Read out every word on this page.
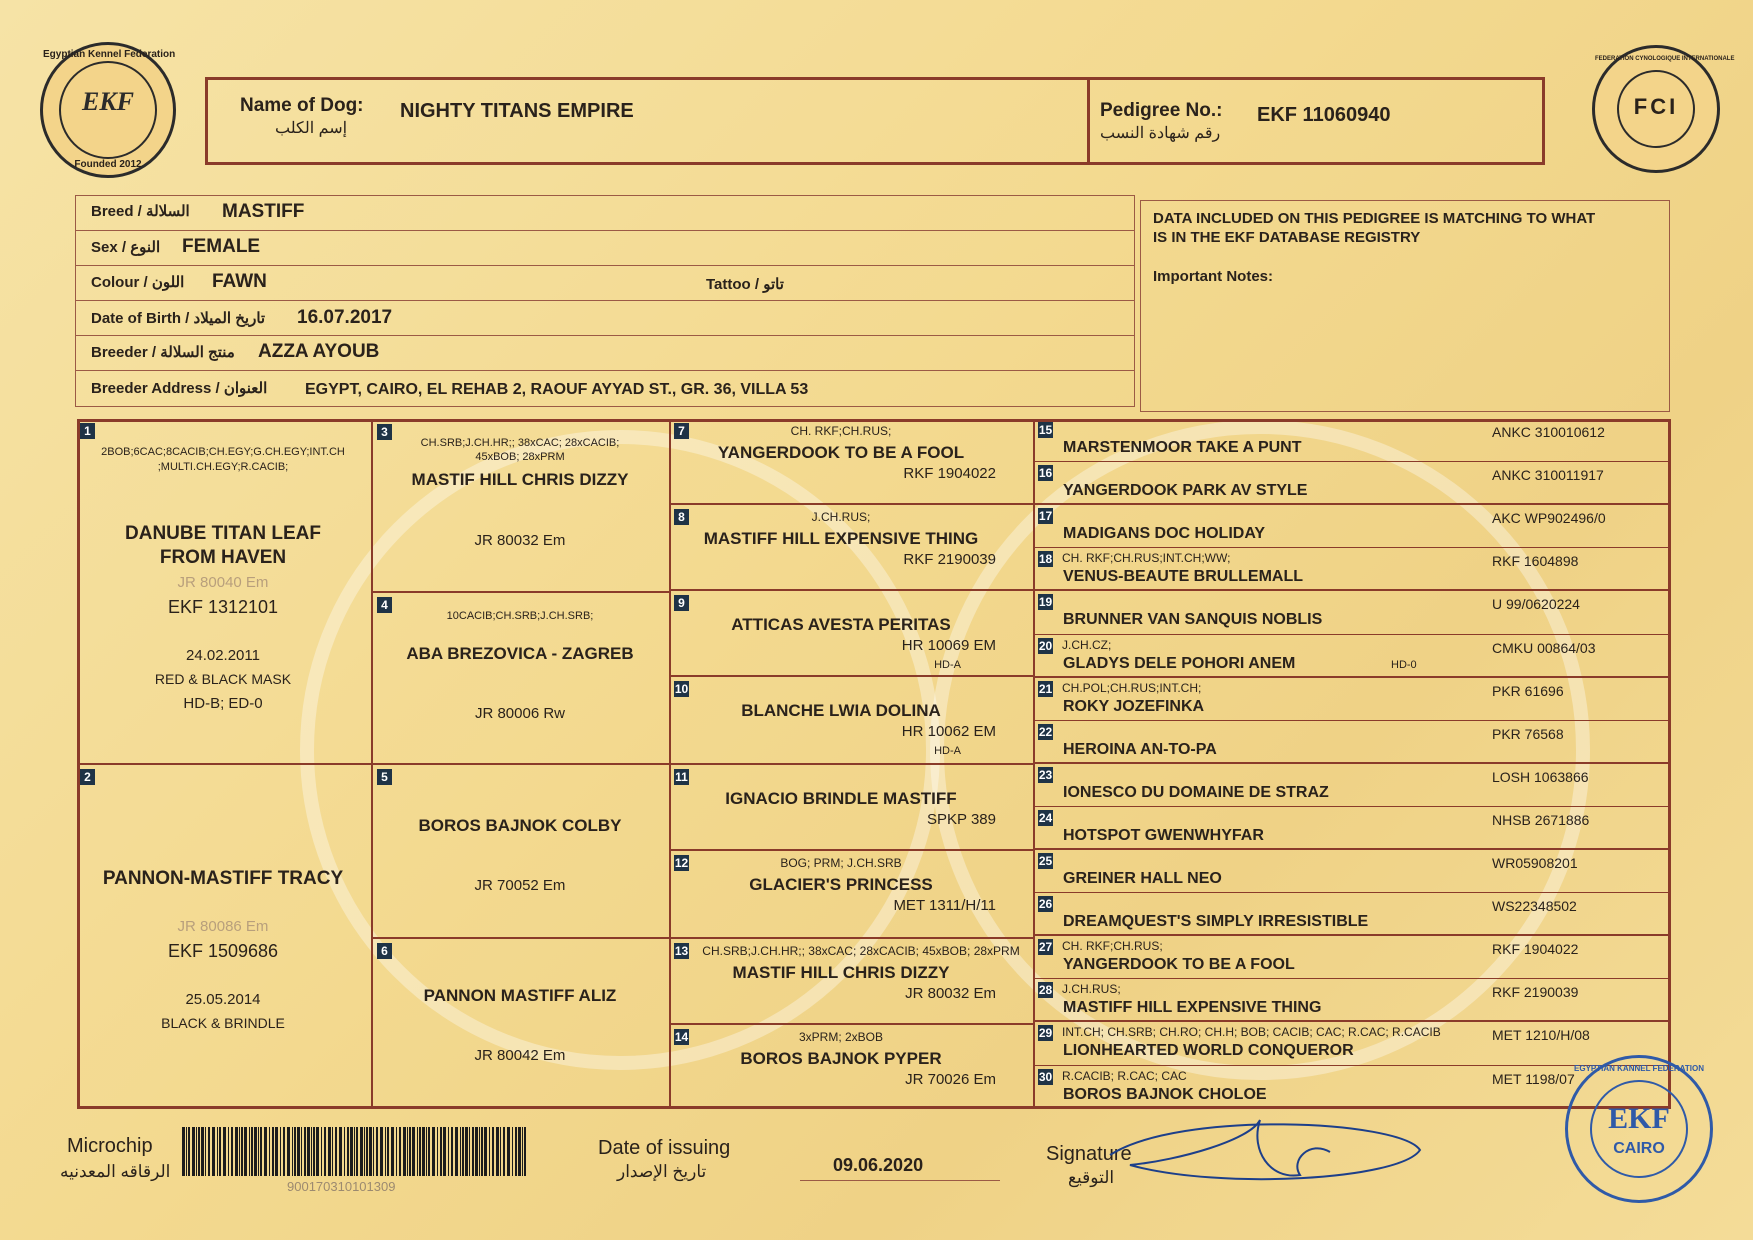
EKF
Egyptian Kennel Federation
Founded 2012
FCI
FEDERATION CYNOLOGIQUE INTERNATIONALE
Name of Dog:
إسم الكلب
NIGHTY TITANS EMPIRE	Pedigree No.:
رقم شهادة النسب
EKF 11060940
Breed / السلالة MASTIFF
Sex / النوع FEMALE
Colour / اللون FAWN	Tattoo / تاتو
Date of Birth / تاريخ الميلاد 16.07.2017
Breeder / منتج السلالة AZZA AYOUB
Breeder Address / العنوان EGYPT, CAIRO, EL REHAB 2, RAOUF AYYAD ST., GR. 36, VILLA 53
DATA INCLUDED ON THIS PEDIGREE IS MATCHING TO WHAT
IS IN THE EKF DATABASE REGISTRY
Important Notes:
1
2BOB;6CAC;8CACIB;CH.EGY;G.CH.EGY;INT.CH
;MULTI.CH.EGY;R.CACIB;
DANUBE TITAN LEAF
FROM HAVEN
JR 80040 Em
EKF 1312101
24.02.2011
RED & BLACK MASK
HD-B; ED-0
2
PANNON-MASTIFF TRACY
JR 80086 Em
EKF 1509686
25.05.2014
BLACK & BRINDLE
3
CH.SRB;J.CH.HR;; 38xCAC; 28xCACIB;
45xBOB; 28xPRM
MASTIF HILL CHRIS DIZZY
JR 80032 Em
4
10CACIB;CH.SRB;J.CH.SRB;
ABA BREZOVICA - ZAGREB
JR 80006 Rw
5
BOROS BAJNOK COLBY
JR 70052 Em
6
PANNON MASTIFF ALIZ
JR 80042 Em
7	CH. RKF;CH.RUS;
YANGERDOOK TO BE A FOOL
RKF 1904022
8	J.CH.RUS;
MASTIFF HILL EXPENSIVE THING
RKF 2190039
9
ATTICAS AVESTA PERITAS
HR 10069 EM
HD-A
10
BLANCHE LWIA DOLINA
HR 10062 EM
HD-A
11
IGNACIO BRINDLE MASTIFF
SPKP 389
12	BOG; PRM; J.CH.SRB
GLACIER'S PRINCESS
MET 1311/H/11
13	CH.SRB;J.CH.HR;; 38xCAC; 28xCACIB; 45xBOB; 28xPRM
MASTIF HILL CHRIS DIZZY
JR 80032 Em
14	3xPRM; 2xBOB
BOROS BAJNOK PYPER
JR 70026 Em
15
MARSTENMOOR TAKE A PUNT
ANKC 310010612
16
YANGERDOOK PARK AV STYLE
ANKC 310011917
17
MADIGANS DOC HOLIDAY
AKC WP902496/0
18 CH. RKF;CH.RUS;INT.CH;WW;
VENUS-BEAUTE BRULLEMALL
RKF 1604898
19
BRUNNER VAN SANQUIS NOBLIS
U 99/0620224
20 J.CH.CZ;
GLADYS DELE POHORI ANEM
CMKU 00864/03
HD-0
21 CH.POL;CH.RUS;INT.CH;
ROKY JOZEFINKA
PKR 61696
22
HEROINA AN-TO-PA
PKR 76568
23
IONESCO DU DOMAINE DE STRAZ
LOSH 1063866
24
HOTSPOT GWENWHYFAR
NHSB 2671886
25
GREINER HALL NEO
WR05908201
26
DREAMQUEST'S SIMPLY IRRESISTIBLE
WS22348502
27 CH. RKF;CH.RUS;
YANGERDOOK TO BE A FOOL
RKF 1904022
28 J.CH.RUS;
MASTIFF HILL EXPENSIVE THING
RKF 2190039
29 INT.CH; CH.SRB; CH.RO; CH.H; BOB; CACIB; CAC; R.CAC; R.CACIB
LIONHEARTED WORLD CONQUEROR
MET 1210/H/08
30 R.CACIB; R.CAC; CAC
BOROS BAJNOK CHOLOE
MET 1198/07
Microchip
الرقاقه المعدنيه
900170310101309
Date of issuing
تاريخ الإصدار	09.06.2020	Signature
التوقيع
EKF
CAIRO
EGYPTIAN KANNEL FEDERATION
